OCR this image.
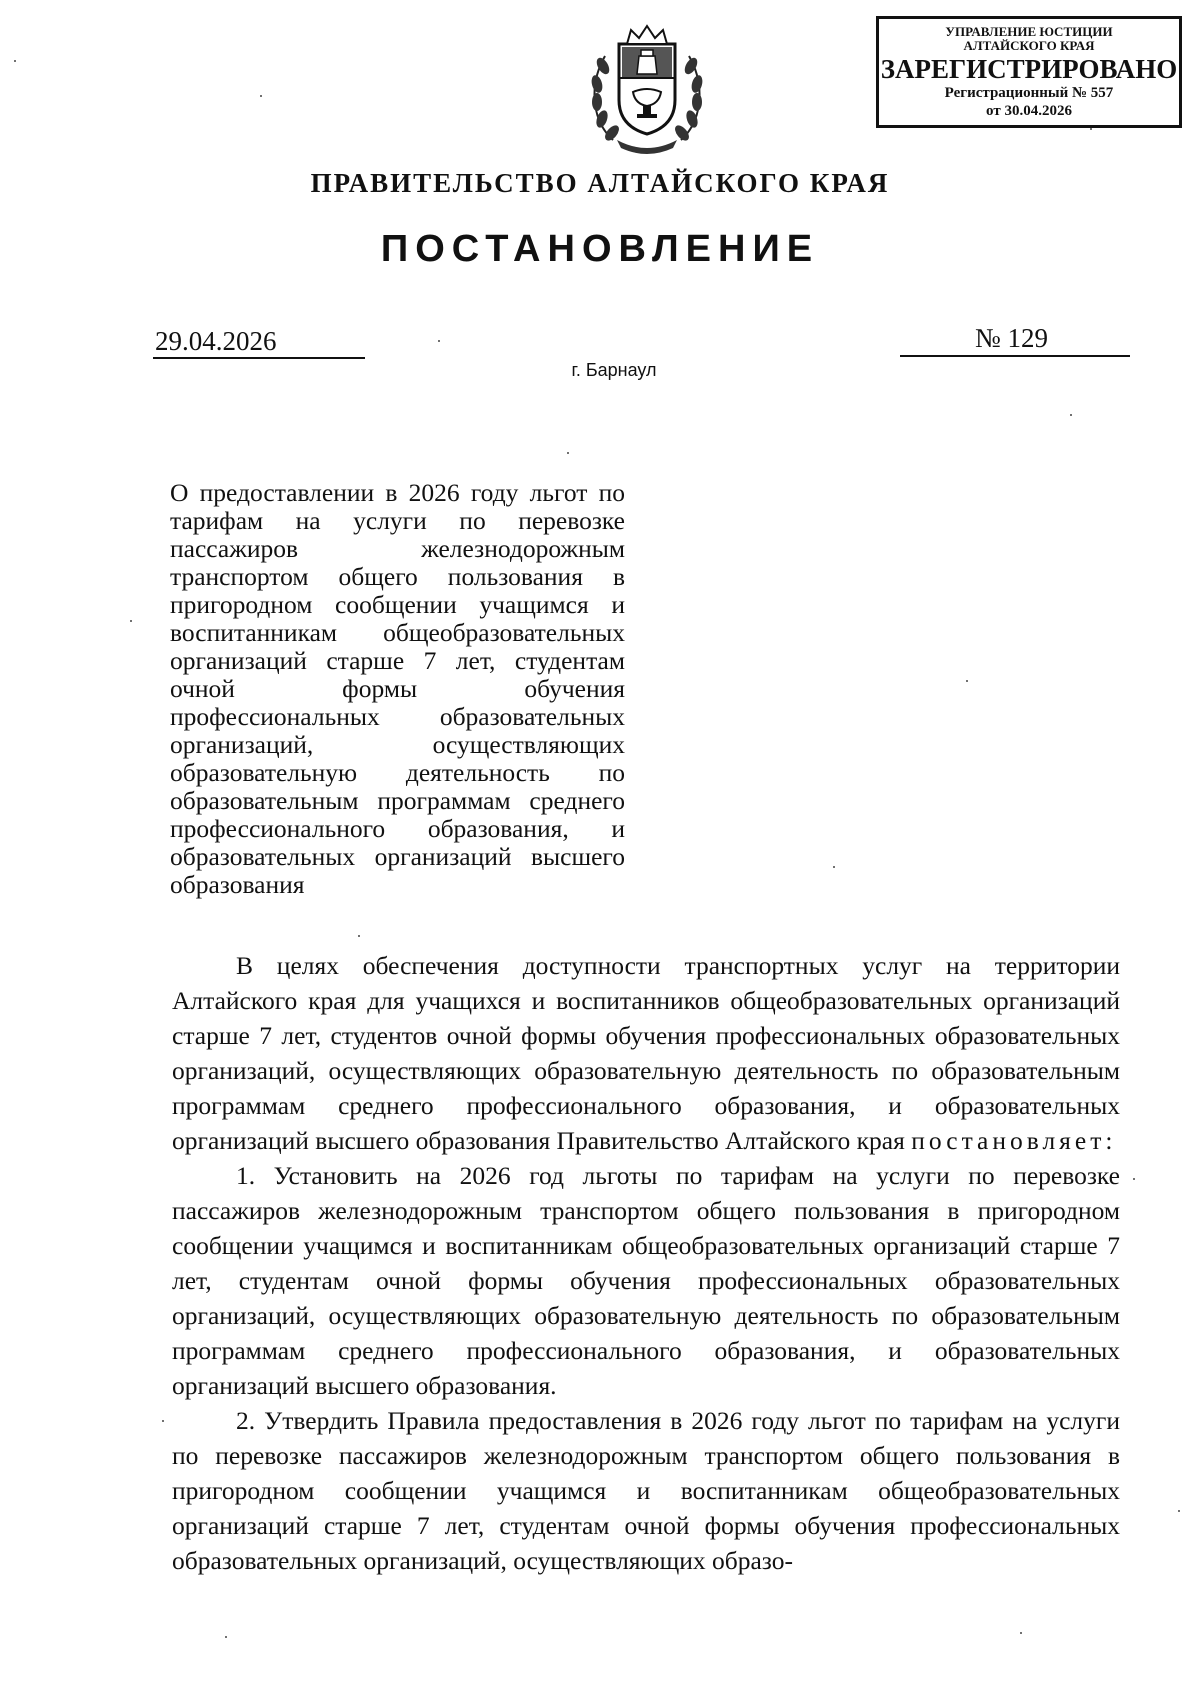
УПРАВЛЕНИЕ ЮСТИЦИИ
АЛТАЙСКОГО КРАЯ
ЗАРЕГИСТРИРОВАНО
Регистрационный № 557
от 30.04.2026
ПРАВИТЕЛЬСТВО АЛТАЙСКОГО КРАЯ
ПОСТАНОВЛЕНИЕ
29.04.2026	№ 129
г. Барнаул
О предоставлении в 2026 году льгот по тарифам на услуги по перевозке пассажиров железнодорожным транспортом общего пользования в пригородном сообщении учащимся и воспитанникам общеобразовательных организаций старше 7 лет, студентам очной формы обучения профессиональных образовательных организаций, осуществляющих образовательную деятельность по образовательным программам среднего профессионального образования, и образовательных организаций высшего образования

В целях обеспечения доступности транспортных услуг на территории Алтайского края для учащихся и воспитанников общеобразовательных организаций старше 7 лет, студентов очной формы обучения профессиональных образовательных организаций, осуществляющих образовательную деятельность по образовательным программам среднего профессионального образования, и образовательных организаций высшего образования Правительство Алтайского края постановляет:

1. Установить на 2026 год льготы по тарифам на услуги по перевозке пассажиров железнодорожным транспортом общего пользования в пригородном сообщении учащимся и воспитанникам общеобразовательных организаций старше 7 лет, студентам очной формы обучения профессиональных образовательных организаций, осуществляющих образовательную деятельность по образовательным программам среднего профессионального образования, и образовательных организаций высшего образования.

2. Утвердить Правила предоставления в 2026 году льгот по тарифам на услуги по перевозке пассажиров железнодорожным транспортом общего пользования в пригородном сообщении учащимся и воспитанникам общеобразовательных организаций старше 7 лет, студентам очной формы обучения профессиональных образовательных организаций, осуществляющих образо-
